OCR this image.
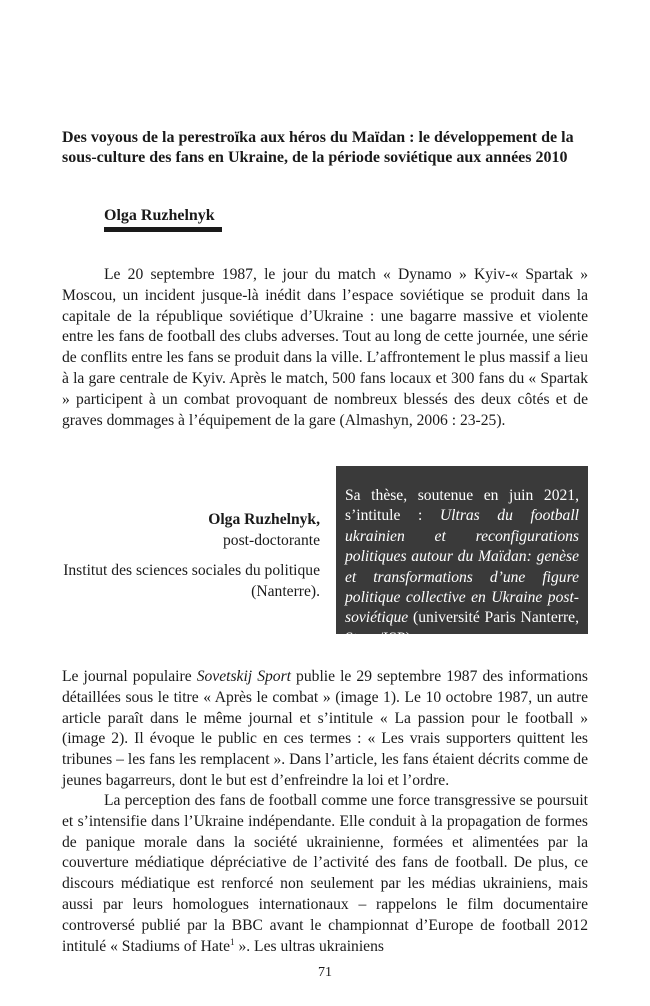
Des voyous de la perestroïka aux héros du Maïdan : le développement de la sous-culture des fans en Ukraine, de la période soviétique aux années 2010
Olga Ruzhelnyk

Le 20 septembre 1987, le jour du match « Dynamo » Kyiv-« Spartak » Moscou, un incident jusque-là inédit dans l’espace soviétique se produit dans la capitale de la république soviétique d’Ukraine : une bagarre massive et violente entre les fans de football des clubs adverses. Tout au long de cette journée, une série de conflits entre les fans se produit dans la ville. L’affrontement le plus massif a lieu à la gare centrale de Kyiv. Après le match, 500 fans locaux et 300 fans du « Spartak » participent à un combat provoquant de nombreux blessés des deux côtés et de graves dommages à l’équipement de la gare (Almashyn, 2006 : 23-25).

Olga Ruzhelnyk,
post-doctorante
Institut des sciences sociales du politique (Nanterre).
Sa thèse, soutenue en juin 2021, s’intitule : Ultras du football ukrainien et reconfigurations politiques autour du Maïdan: genèse et transformations d’une figure politique collective en Ukraine post-soviétique (université Paris Nanterre, Staps/ISP).

Le journal populaire Sovetskij Sport publie le 29 septembre 1987 des informations détaillées sous le titre « Après le combat » (image 1). Le 10 octobre 1987, un autre article paraît dans le même journal et s’intitule « La passion pour le football » (image 2). Il évoque le public en ces termes : « Les vrais supporters quittent les tribunes – les fans les remplacent ». Dans l’article, les fans étaient décrits comme de jeunes bagarreurs, dont le but est d’enfreindre la loi et l’ordre.

La perception des fans de football comme une force transgressive se poursuit et s’intensifie dans l’Ukraine indépendante. Elle conduit à la propagation de formes de panique morale dans la société ukrainienne, formées et alimentées par la couverture médiatique dépréciative de l’activité des fans de football. De plus, ce discours médiatique est renforcé non seulement par les médias ukrainiens, mais aussi par leurs homologues internationaux – rappelons le film documentaire controversé publié par la BBC avant le championnat d’Europe de football 2012 intitulé « Stadiums of Hate$^1$ ». Les ultras ukrainiens

71
